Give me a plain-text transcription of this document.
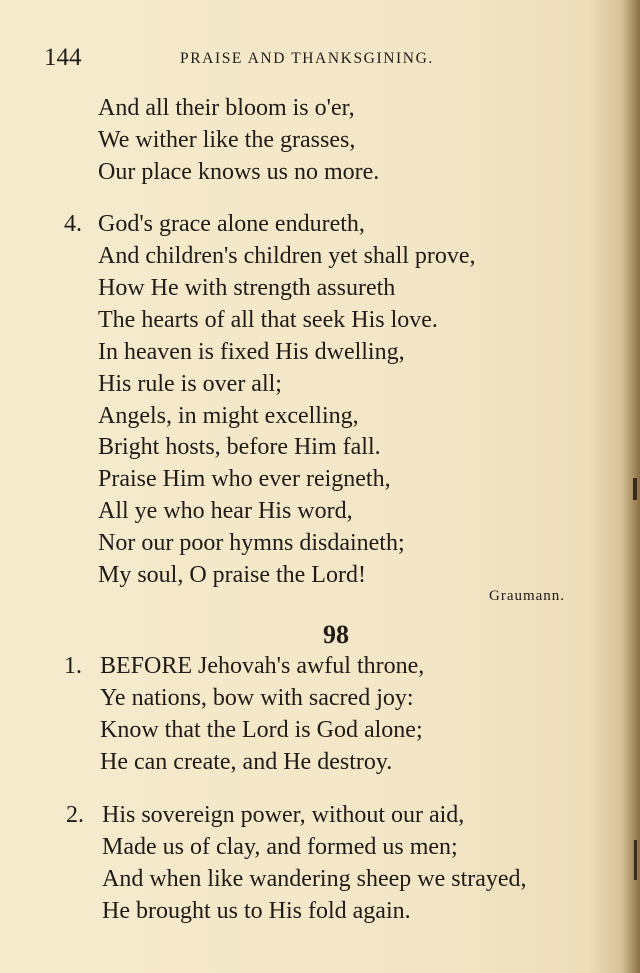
144	PRAISE AND THANKSGINING.
And all their bloom is o'er,
We wither like the grasses,
Our place knows us no more.
4. God's grace alone endureth,
And children's children yet shall prove,
How He with strength assureth
The hearts of all that seek His love.
In heaven is fixed His dwelling,
His rule is over all;
Angels, in might excelling,
Bright hosts, before Him fall.
Praise Him who ever reigneth,
All ye who hear His word,
Nor our poor hymns disdaineth;
My soul, O praise the Lord!
Graumann.
98
1. BEFORE Jehovah's awful throne,
Ye nations, bow with sacred joy:
Know that the Lord is God alone;
He can create, and He destroy.
2. His sovereign power, without our aid,
Made us of clay, and formed us men;
And when like wandering sheep we strayed,
He brought us to His fold again.
